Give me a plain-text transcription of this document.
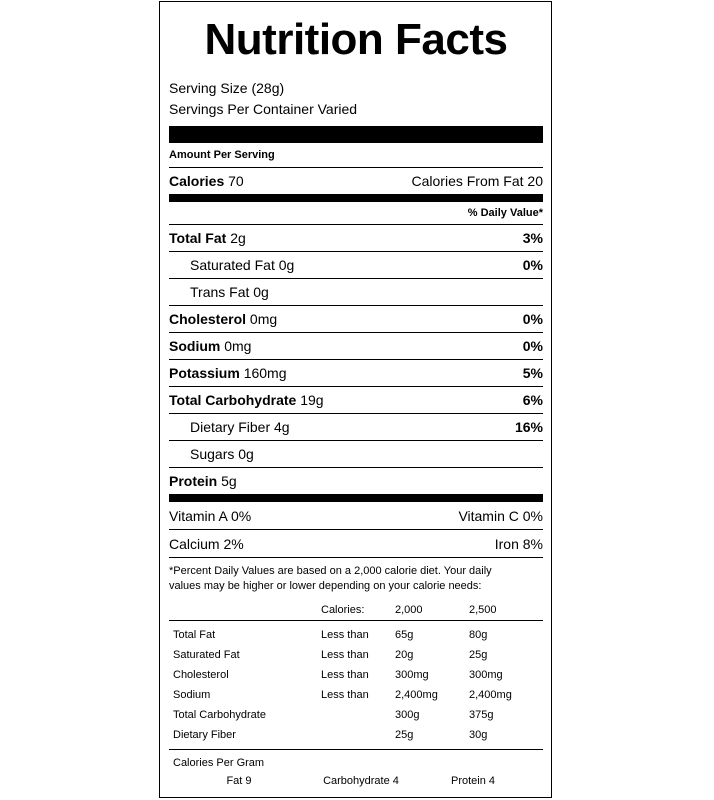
Nutrition Facts
Serving Size (28g)
Servings Per Container Varied
Amount Per Serving
Calories 70	Calories From Fat 20
% Daily Value*
Total Fat 2g	3%
Saturated Fat 0g	0%
Trans Fat 0g
Cholesterol 0mg	0%
Sodium 0mg	0%
Potassium 160mg	5%
Total Carbohydrate 19g	6%
Dietary Fiber 4g	16%
Sugars 0g
Protein 5g
Vitamin A 0%	Vitamin C 0%
Calcium 2%	Iron 8%
*Percent Daily Values are based on a 2,000 calorie diet. Your daily
values may be higher or lower depending on your calorie needs:
	Calories:	2,000	2,500

Total Fat	Less than	65g	80g
Saturated Fat	Less than	20g	25g
Cholesterol	Less than	300mg	300mg
Sodium	Less than	2,400mg	2,400mg
Total Carbohydrate		300g	375g
Dietary Fiber		25g	30g
Calories Per Gram
Fat 9	Carbohydrate 4	Protein 4
